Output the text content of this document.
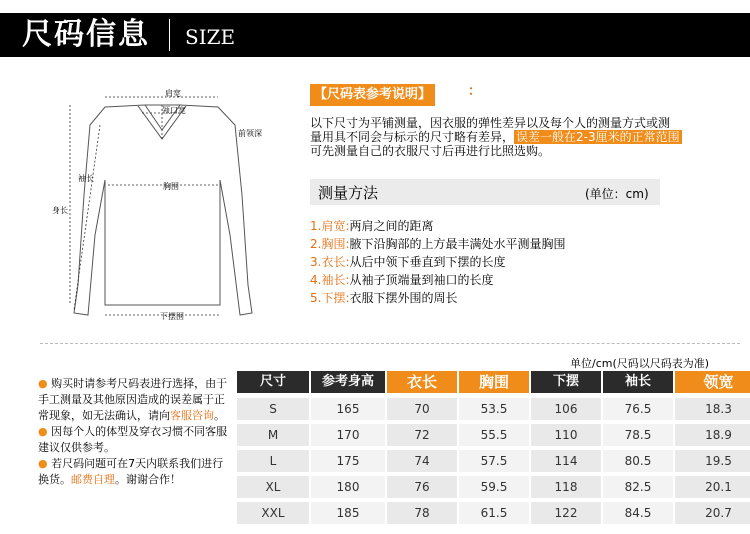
尺码信息 SIZE
肩宽
领口宽
前领深
袖长
胸围
身长
下摆围
【尺码表参考说明】	：
以下尺寸为平铺测量，因衣服的弹性差异以及每个人的测量方式或测
量用具不同会与标示的尺寸略有差异， 误差一般在2-3厘米的正常范围
可先测量自己的衣服尺寸后再进行比照选购。
测量方法	(单位：cm)
1.肩宽:两肩之间的距离
2.胸围:腋下沿胸部的上方最丰满处水平测量胸围
3.衣长:从后中领下垂直到下摆的长度
4.袖长:从袖子顶端量到袖口的长度
5.下摆:衣服下摆外围的周长
● 购买时请参考尺码表进行选择，由于手工测量及其他原因造成的误差属于正常现象，如无法确认，请向客服咨询。
● 因每个人的体型及穿衣习惯不同客服建议仅供参考。
● 若尺码问题可在7天内联系我们进行换货。邮费自理。谢谢合作！
单位/cm(尺码以尺码表为准)
尺寸	参考身高	衣长	胸围	下摆	袖长	领宽
S	165	70	53.5	106	76.5	18.3
M	170	72	55.5	110	78.5	18.9
L	175	74	57.5	114	80.5	19.5
XL	180	76	59.5	118	82.5	20.1
XXL	185	78	61.5	122	84.5	20.7
